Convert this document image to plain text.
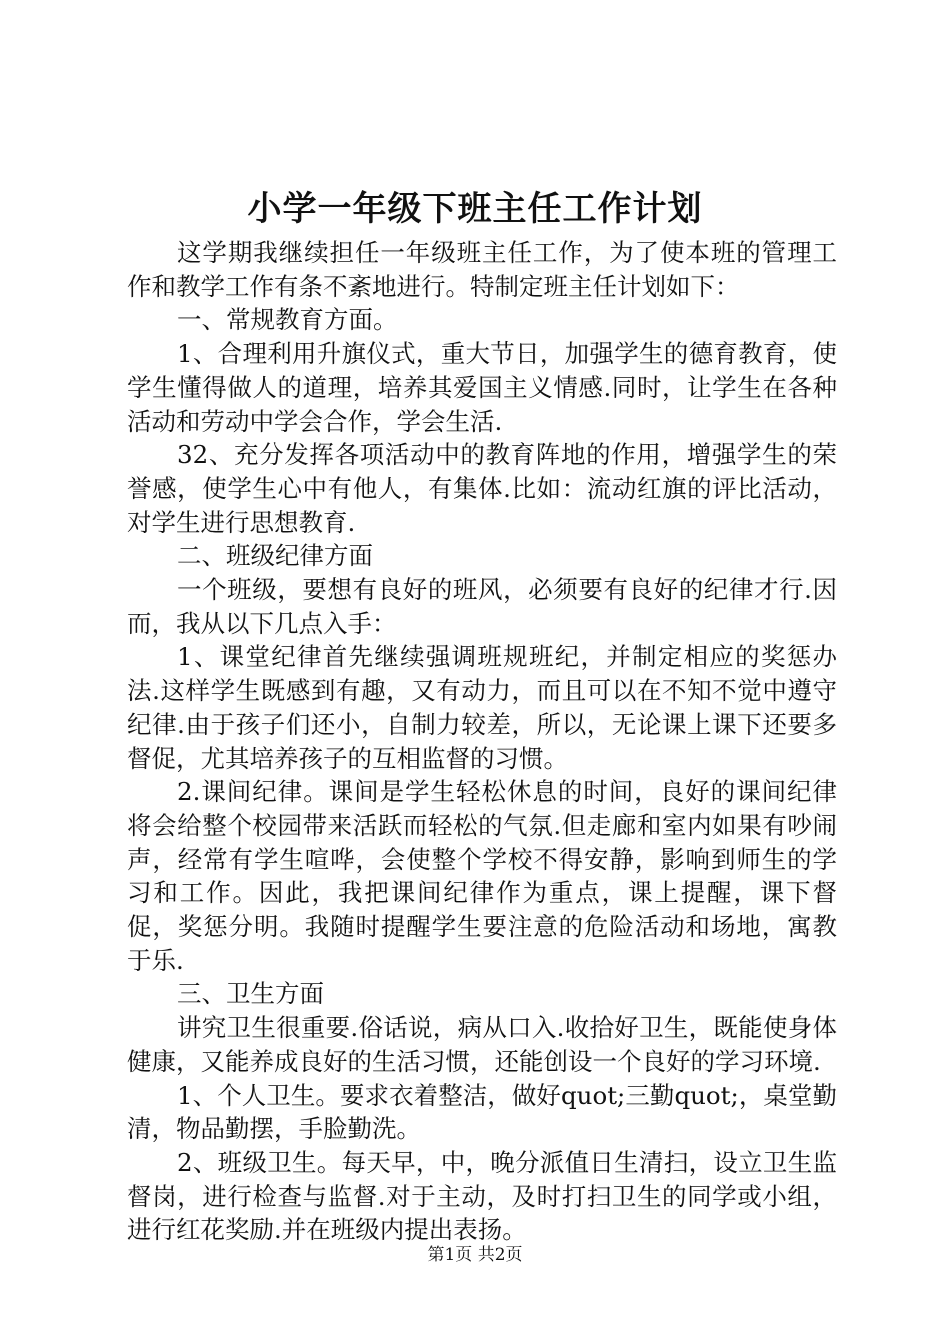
小学一年级下班主任工作计划

这学期我继续担任一年级班主任工作，为了使本班的管理工作和教学工作有条不紊地进行。特制定班主任计划如下：

一、常规教育方面。

1、合理利用升旗仪式，重大节日，加强学生的德育教育，使学生懂得做人的道理，培养其爱国主义情感.同时，让学生在各种活动和劳动中学会合作，学会生活.

32、充分发挥各项活动中的教育阵地的作用，增强学生的荣誉感，使学生心中有他人，有集体.比如：流动红旗的评比活动，对学生进行思想教育.

二、班级纪律方面

一个班级，要想有良好的班风，必须要有良好的纪律才行.因而，我从以下几点入手：

1、课堂纪律首先继续强调班规班纪，并制定相应的奖惩办法.这样学生既感到有趣，又有动力，而且可以在不知不觉中遵守纪律.由于孩子们还小，自制力较差，所以，无论课上课下还要多督促，尤其培养孩子的互相监督的习惯。

2.课间纪律。课间是学生轻松休息的时间，良好的课间纪律将会给整个校园带来活跃而轻松的气氛.但走廊和室内如果有吵闹声，经常有学生喧哗，会使整个学校不得安静，影响到师生的学习和工作。因此，我把课间纪律作为重点，课上提醒，课下督促，奖惩分明。我随时提醒学生要注意的危险活动和场地，寓教于乐.

三、卫生方面

讲究卫生很重要.俗话说，病从口入.收拾好卫生，既能使身体健康，又能养成良好的生活习惯，还能创设一个良好的学习环境.

1、个人卫生。要求衣着整洁，做好quot;三勤quot;，桌堂勤清，物品勤摆，手脸勤洗。

2、班级卫生。每天早，中，晚分派值日生清扫，设立卫生监督岗，进行检查与监督.对于主动，及时打扫卫生的同学或小组，进行红花奖励.并在班级内提出表扬。

第1页 共2页
